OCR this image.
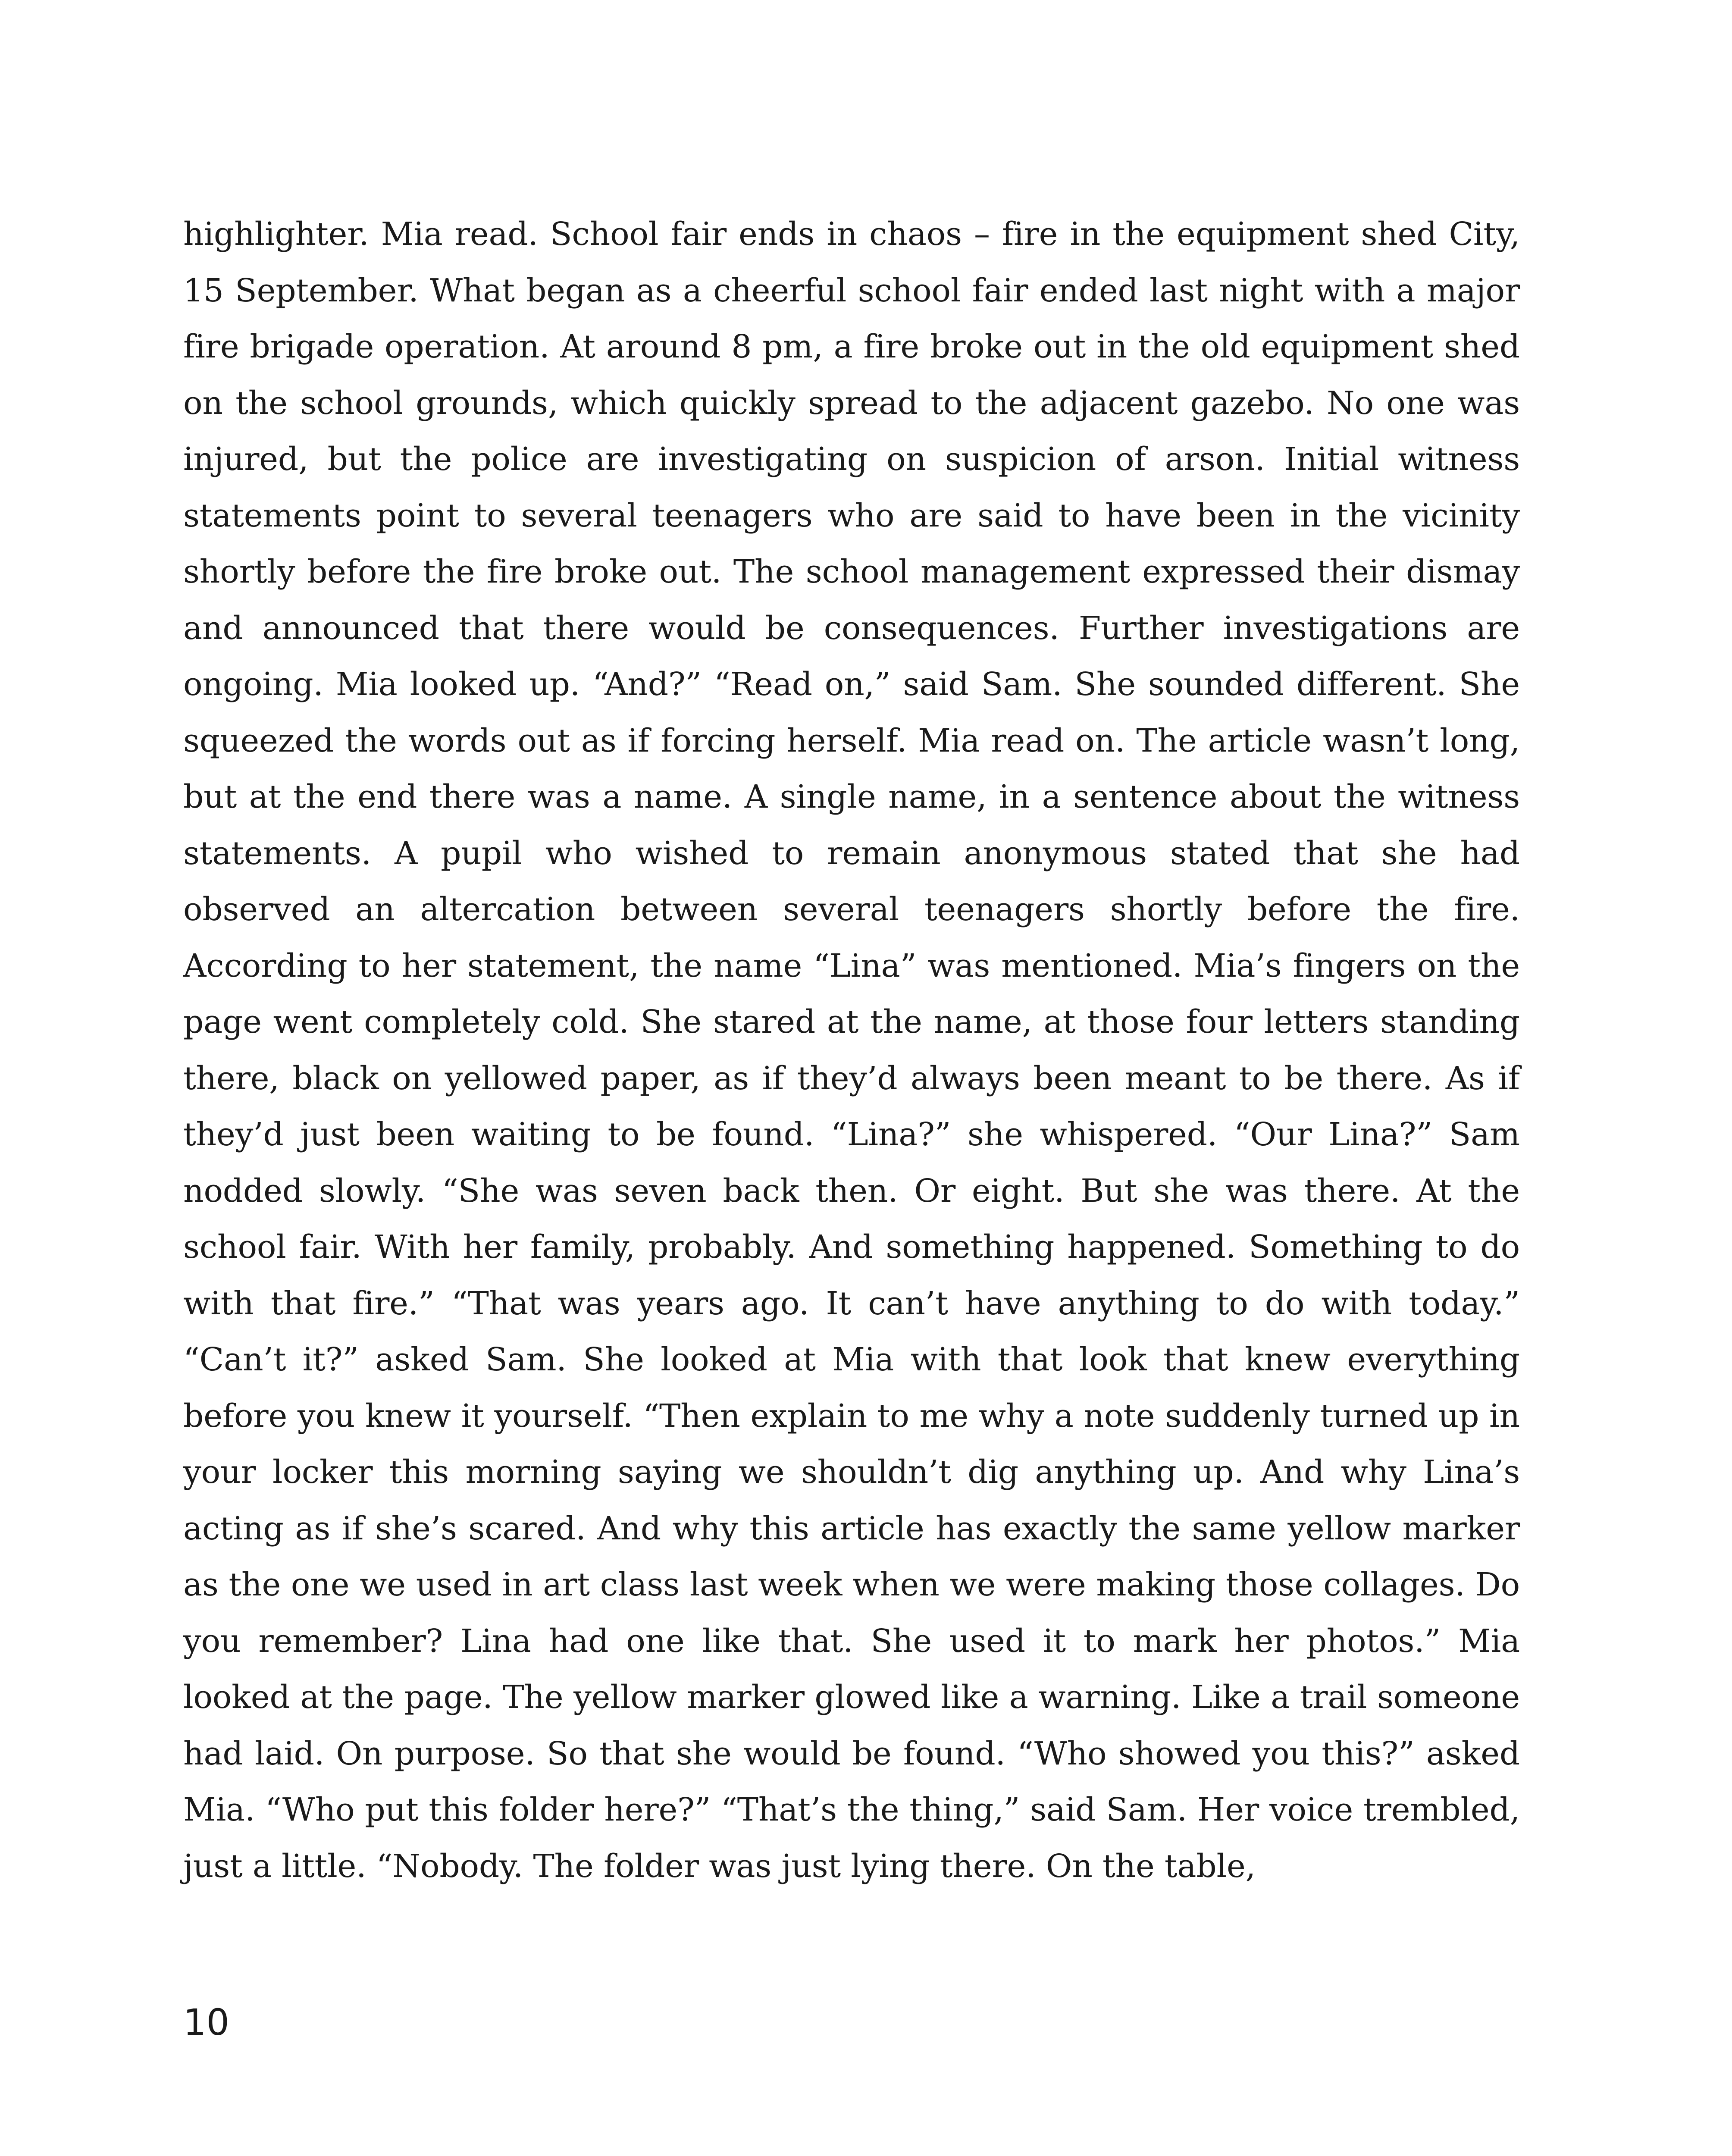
highlighter. Mia read. School fair ends in chaos – fire in the equipment shed City, 15 September. What began as a cheerful school fair ended last night with a major fire brigade operation. At around 8 pm, a fire broke out in the old equipment shed on the school grounds, which quickly spread to the adjacent gazebo. No one was injured, but the police are investigating on suspicion of arson. Initial witness statements point to several teenagers who are said to have been in the vicinity shortly before the fire broke out. The school management expressed their dismay and announced that there would be consequences. Further investigations are ongoing. Mia looked up. “And?” “Read on,” said Sam. She sounded different. She squeezed the words out as if forcing herself. Mia read on. The article wasn’t long, but at the end there was a name. A single name, in a sentence about the witness statements. A pupil who wished to remain anonymous stated that she had observed an altercation between several teenagers shortly before the fire. According to her statement, the name “Lina” was mentioned. Mia’s fingers on the page went completely cold. She stared at the name, at those four letters standing there, black on yellowed paper, as if they’d always been meant to be there. As if they’d just been waiting to be found. “Lina?” she whispered. “Our Lina?” Sam nodded slowly. “She was seven back then. Or eight. But she was there. At the school fair. With her family, probably. And something happened. Something to do with that fire.” “That was years ago. It can’t have anything to do with today.” “Can’t it?” asked Sam. She looked at Mia with that look that knew everything before you knew it yourself. “Then explain to me why a note suddenly turned up in your locker this morning saying we shouldn’t dig anything up. And why Lina’s acting as if she’s scared. And why this article has exactly the same yellow marker as the one we used in art class last week when we were making those collages. Do you remember? Lina had one like that. She used it to mark her photos.” Mia looked at the page. The yellow marker glowed like a warning. Like a trail someone had laid. On purpose. So that she would be found. “Who showed you this?” asked Mia. “Who put this folder here?” “That’s the thing,” said Sam. Her voice trembled, just a little. “Nobody. The folder was just lying there. On the table,

10
